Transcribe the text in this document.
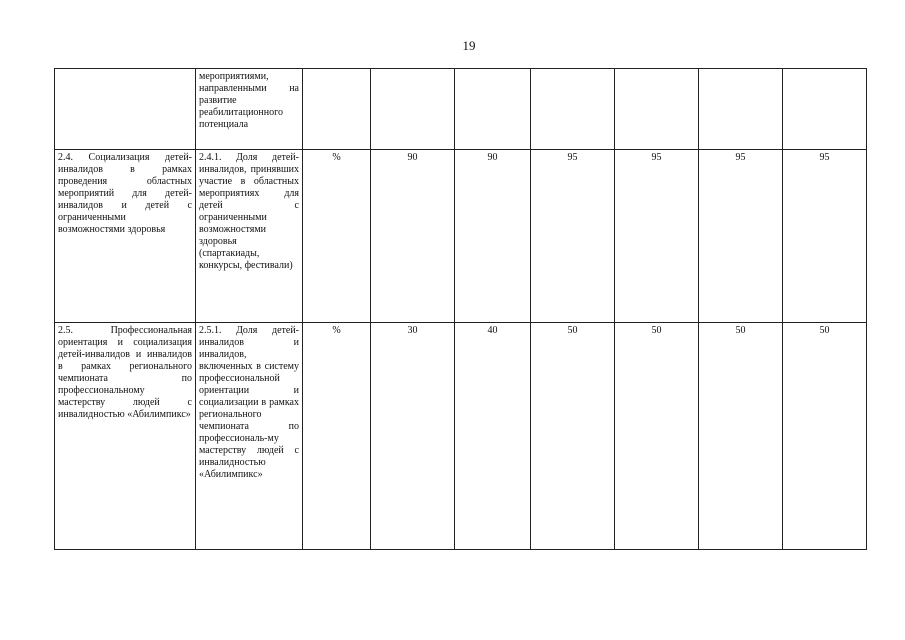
19
	мероприятиями, направленными на развитие реабилитационного потенциала							
2.4. Социализация детей-инвалидов в рамках проведения областных мероприятий для детей-инвалидов и детей с ограниченными возможностями здоровья	2.4.1. Доля детей-инвалидов, принявших участие в областных мероприятиях для детей с ограниченными возможностями здоровья (спартакиады, конкурсы, фестивали)	%	90	90	95	95	95	95
2.5. Профессиональная ориентация и социализация детей-инвалидов и инвалидов в рамках регионального чемпионата по профессиональному мастерству людей с инвалидностью «Абилимпикс»	2.5.1. Доля детей-инвалидов и инвалидов, включенных в систему профессиональной ориентации и социализации в рамках регионального чемпионата по профессиональ-му мастерству людей с инвалидностью «Абилимпикс»	%	30	40	50	50	50	50
